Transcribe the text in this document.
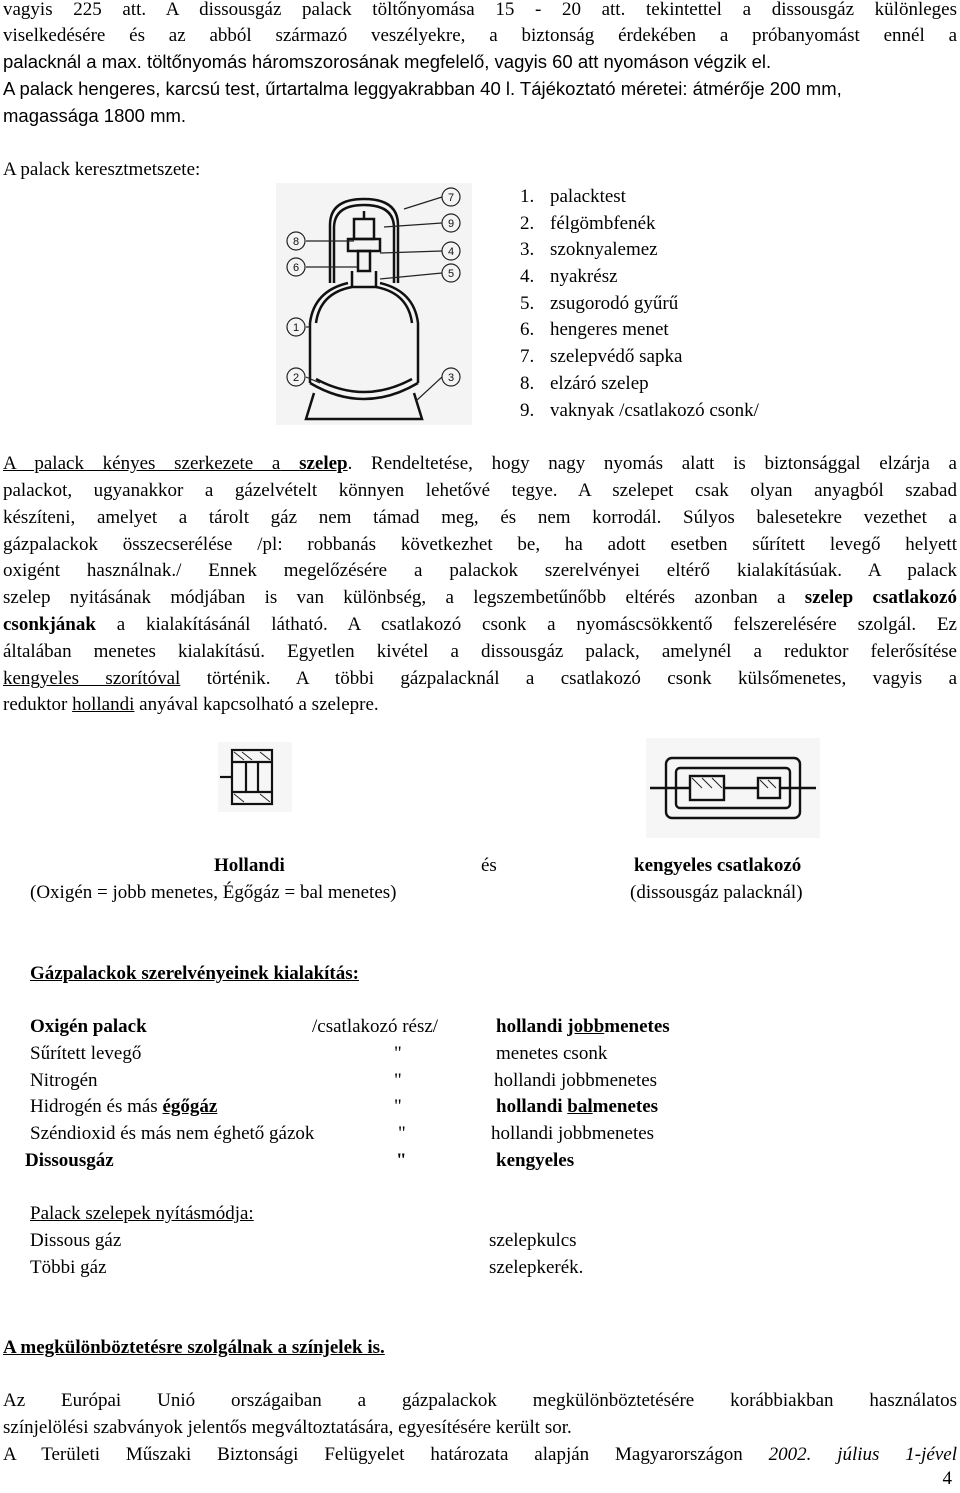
vagyis 225 att. A dissousgáz palack töltőnyomása 15 - 20 att. tekintettel a dissousgáz különleges
viselkedésére és az abból származó veszélyekre, a biztonság érdekében a próbanyomást ennél a
palacknál a max. töltőnyomás háromszorosának megfelelő, vagyis 60 att nyomáson végzik el.
A palack hengeres, karcsú test, űrtartalma leggyakrabban 40 l. Tájékoztató méretei: átmérője 200 mm,
magassága 1800 mm.
A palack keresztmetszete:
7
9
8
6
4
5
1
2	3
1. palacktest
2. félgömbfenék
3. szoknyalemez
4. nyakrész
5. zsugorodó gyűrű
6. hengeres menet
7. szelepvédő sapka
8. elzáró szelep
9. vaknyak /csatlakozó csonk/
A palack kényes szerkezete a szelep. Rendeltetése, hogy nagy nyomás alatt is biztonsággal elzárja a
palackot, ugyanakkor a gázelvételt könnyen lehetővé tegye. A szelepet csak olyan anyagból szabad
készíteni, amelyet a tárolt gáz nem támad meg, és nem korrodál. Súlyos balesetekre vezethet a
gázpalackok összecserélése /pl: robbanás következhet be, ha adott esetben sűrített levegő helyett
oxigént használnak./ Ennek megelőzésére a palackok szerelvényei eltérő kialakításúak. A palack
szelep nyitásának módjában is van különbség, a legszembetűnőbb eltérés azonban a szelep csatlakozó
csonkjának a kialakításánál látható. A csatlakozó csonk a nyomáscsökkentő felszerelésére szolgál. Ez
általában menetes kialakítású. Egyetlen kivétel a dissousgáz palack, amelynél a reduktor felerősítése
kengyeles szorítóval történik. A többi gázpalacknál a csatlakozó csonk külsőmenetes, vagyis a
reduktor hollandi anyával kapcsolható a szelepre.
Hollandi	és	kengyeles csatlakozó
(Oxigén = jobb menetes, Égőgáz = bal menetes)	(dissousgáz palacknál)
Gázpalackok szerelvényeinek kialakítás:
Oxigén palack	/csatlakozó rész/	hollandi jobbmenetes
Sűrített levegő	"	menetes csonk
Nitrogén	"	hollandi jobbmenetes
Hidrogén és más égőgáz	"	hollandi balmenetes
Széndioxid és más nem éghető gázok	"	hollandi jobbmenetes
Dissousgáz	"	kengyeles
Palack szelepek nyításmódja:
Dissous gáz	szelepkulcs
Többi gáz	szelepkerék.
A megkülönböztetésre szolgálnak a színjelek is.
Az Európai Unió országaiban a gázpalackok megkülönböztetésére korábbiakban használatos
színjelölési szabványok jelentős megváltoztatására, egyesítésére került sor.
A Területi Műszaki Biztonsági Felügyelet határozata alapján Magyarországon 2002. július 1-jével
4
